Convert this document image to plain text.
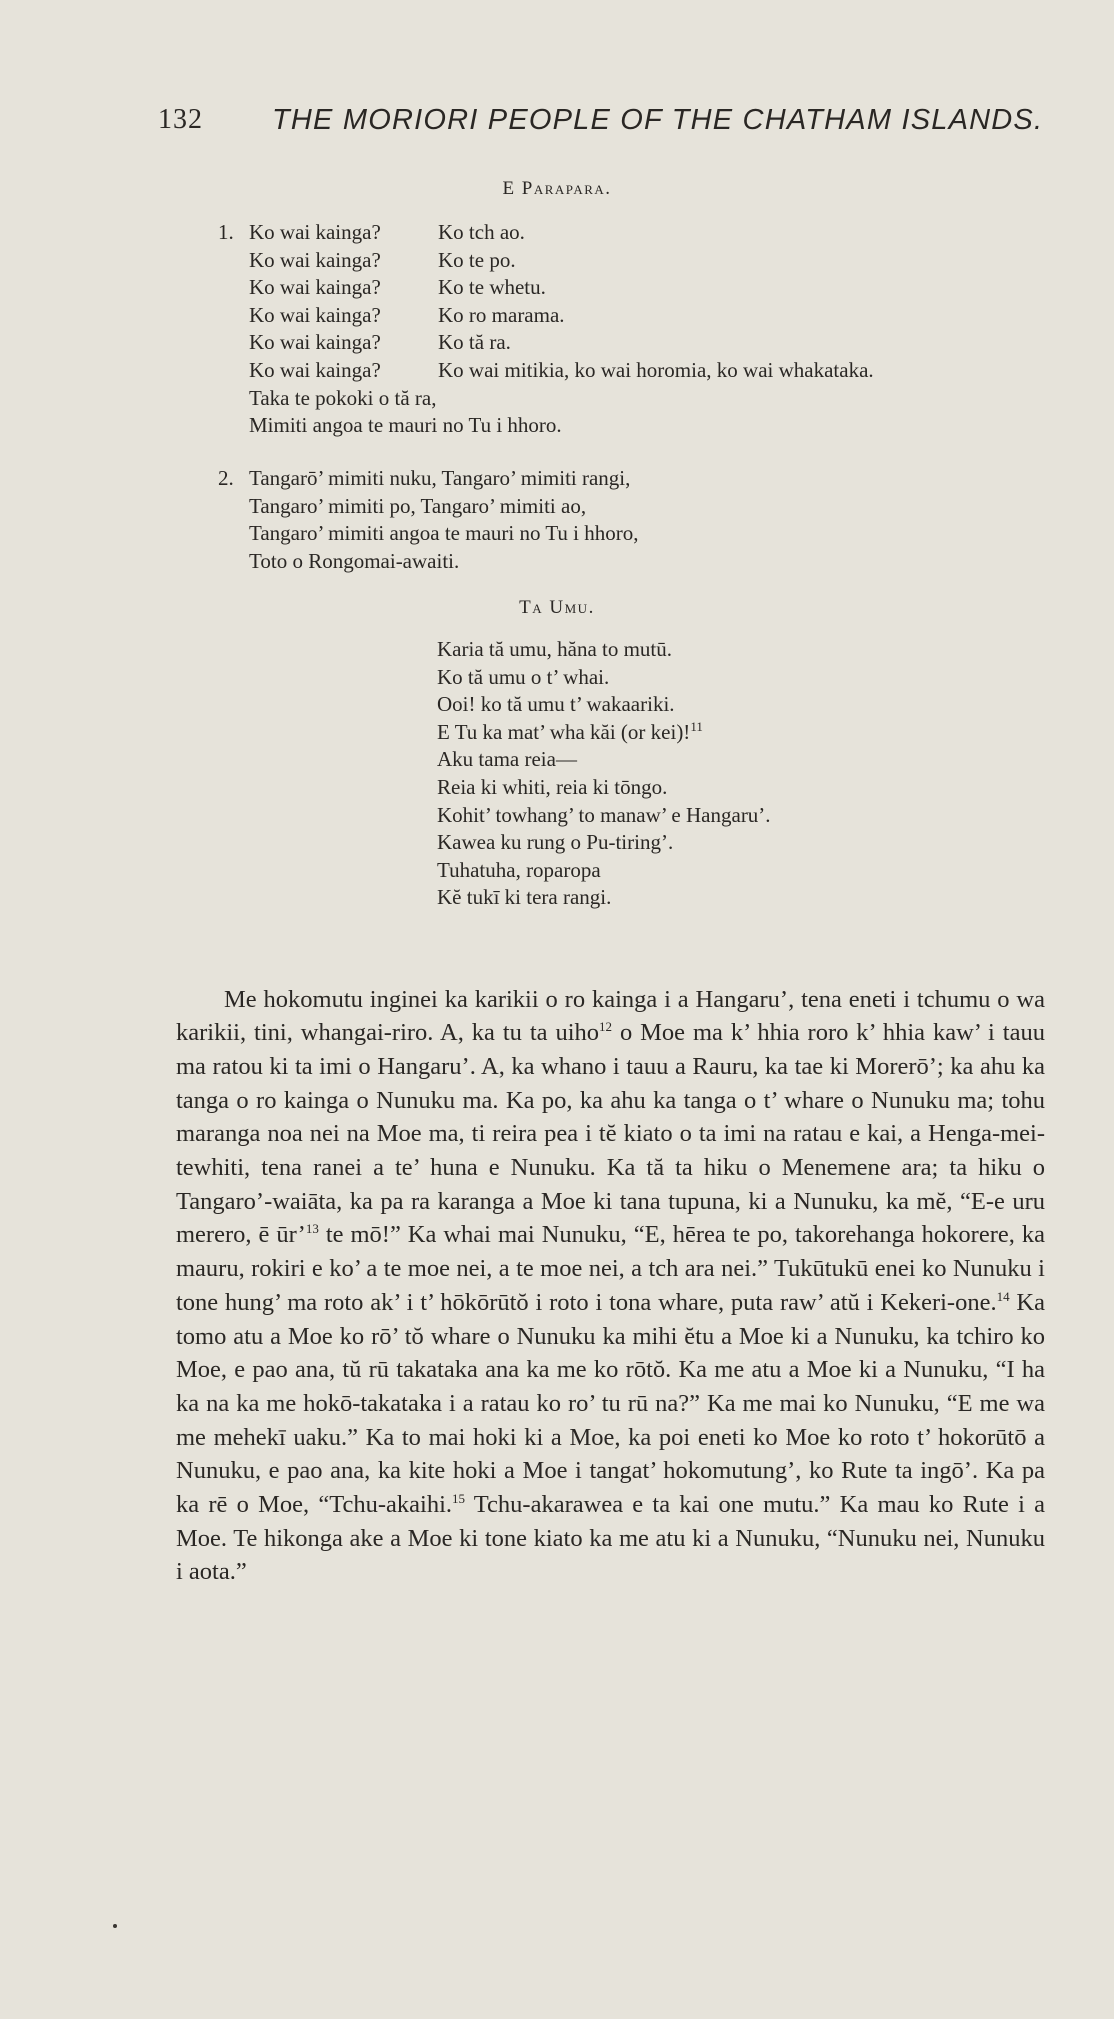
132 THE MORIORI PEOPLE OF THE CHATHAM ISLANDS.
E Parapara.
1. Ko wai kainga?	Ko tch ao.
Ko wai kainga?	Ko te po.
Ko wai kainga?	Ko te whetu.
Ko wai kainga?	Ko ro marama.
Ko wai kainga?	Ko tă ra.
Ko wai kainga?	Ko wai mitikia, ko wai horomia, ko wai whakataka.
Taka te pokoki o tă ra,
Mimiti angoa te mauri no Tu i hhoro.
2. Tangarō’ mimiti nuku, Tangaro’ mimiti rangi,
Tangaro’ mimiti po, Tangaro’ mimiti ao,
Tangaro’ mimiti angoa te mauri no Tu i hhoro,
Toto o Rongomai-awaiti.
Ta Umu.
Karia tă umu, hăna to mutū.
Ko tă umu o t’ whai.
Ooi! ko tă umu t’ wakaariki.
E Tu ka mat’ wha kăi (or kei)!$^{11}$
Aku tama reia—
Reia ki whiti, reia ki tōngo.
Kohit’ towhang’ to manaw’ e Hangaru’.
Kawea ku rung o Pu-tiring’.
Tuhatuha, roparopa
Kĕ tukī ki tera rangi.

Me hokomutu inginei ka karikii o ro kainga i a Hangaru’, tena eneti i tchumu o wa karikii, tini, whangai-riro. A, ka tu ta uiho$^{12}$ o Moe ma k’ hhia roro k’ hhia kaw’ i tauu ma ratou ki ta imi o Hangaru’. A, ka whano i tauu a Rauru, ka tae ki Morerō’; ka ahu ka tanga o ro kainga o Nunuku ma. Ka po, ka ahu ka tanga o t’ whare o Nunuku ma; tohu maranga noa nei na Moe ma, ti reira pea i tĕ kiato o ta imi na ratau e kai, a Henga-mei-tewhiti, tena ranei a te’ huna e Nunuku. Ka tă ta hiku o Menemene ara; ta hiku o Tangaro’-waiāta, ka pa ra karanga a Moe ki tana tupuna, ki a Nunuku, ka mĕ, “E-e uru merero, ē ūr’$^{13}$ te mō!” Ka whai mai Nunuku, “E, hērea te po, takorehanga hokorere, ka mauru, rokiri e ko’ a te moe nei, a te moe nei, a tch ara nei.” Tukūtukū enei ko Nunuku i tone hung’ ma roto ak’ i t’ hōkōrūtŏ i roto i tona whare, puta raw’ atŭ i Kekeri-one.$^{14}$ Ka tomo atu a Moe ko rō’ tŏ whare o Nunuku ka mihi ĕtu a Moe ki a Nunuku, ka tchiro ko Moe, e pao ana, tŭ rū takataka ana ka me ko rōtŏ. Ka me atu a Moe ki a Nunuku, “I ha ka na ka me hokō-takataka i a ratau ko ro’ tu rū na?” Ka me mai ko Nunuku, “E me wa me mehekī uaku.” Ka to mai hoki ki a Moe, ka poi eneti ko Moe ko roto t’ hokorūtō a Nunuku, e pao ana, ka kite hoki a Moe i tangat’ hokomutung’, ko Rute ta ingō’. Ka pa ka rē o Moe, “Tchu-akaihi.$^{15}$ Tchu-akarawea e ta kai one mutu.” Ka mau ko Rute i a Moe. Te hikonga ake a Moe ki tone kiato ka me atu ki a Nunuku, “Nunuku nei, Nunuku i aota.”
